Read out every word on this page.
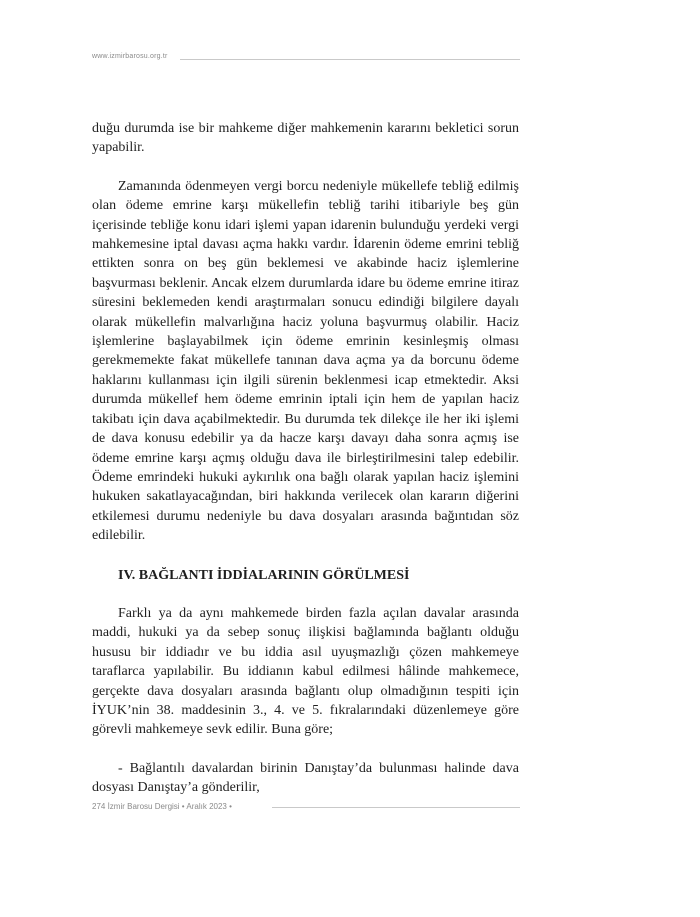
www.izmirbarosu.org.tr

duğu durumda ise bir mahkeme diğer mahkemenin kararını bekletici sorun yapabilir.

Zamanında ödenmeyen vergi borcu nedeniyle mükellefe tebliğ edilmiş olan ödeme emrine karşı mükellefin tebliğ tarihi itibariyle beş gün içerisinde tebliğe konu idari işlemi yapan idarenin bulunduğu yerdeki vergi mahkemesine iptal davası açma hakkı vardır. İdarenin ödeme emrini tebliğ ettikten sonra on beş gün beklemesi ve akabinde haciz işlemlerine başvurması beklenir. Ancak elzem durumlarda idare bu ödeme emrine itiraz süresini beklemeden kendi araştırmaları sonucu edindiği bilgilere dayalı olarak mükellefin malvarlığına haciz yoluna başvurmuş olabilir. Haciz işlemlerine başlayabilmek için ödeme emrinin kesinleşmiş olması gerekmemekte fakat mükellefe tanınan dava açma ya da borcunu ödeme haklarını kullanması için ilgili sürenin beklenmesi icap etmektedir. Aksi durumda mükellef hem ödeme emrinin iptali için hem de yapılan haciz takibatı için dava açabilmektedir. Bu durumda tek dilekçe ile her iki işlemi de dava konusu edebilir ya da hacze karşı davayı daha sonra açmış ise ödeme emrine karşı açmış olduğu dava ile birleştirilmesini talep edebilir. Ödeme emrindeki hukuki aykırılık ona bağlı olarak yapılan haciz işlemini hukuken sakatlayacağından, biri hakkında verilecek olan kararın diğerini etkilemesi durumu nedeniyle bu dava dosyaları arasında bağıntıdan söz edilebilir.

IV. BAĞLANTI İDDİALARININ GÖRÜLMESİ

Farklı ya da aynı mahkemede birden fazla açılan davalar arasında maddi, hukuki ya da sebep sonuç ilişkisi bağlamında bağlantı olduğu hususu bir iddiadır ve bu iddia asıl uyuşmazlığı çözen mahkemeye taraflarca yapılabilir. Bu iddianın kabul edilmesi hâlinde mahkemece, gerçekte dava dosyaları arasında bağlantı olup olmadığının tespiti için İYUK’nin 38. maddesinin 3., 4. ve 5. fıkralarındaki düzenlemeye göre görevli mahkemeye sevk edilir. Buna göre;

- Bağlantılı davalardan birinin Danıştay’da bulunması halinde dava dosyası Danıştay’a gönderilir,

274 İzmir Barosu Dergisi • Aralık 2023 •
